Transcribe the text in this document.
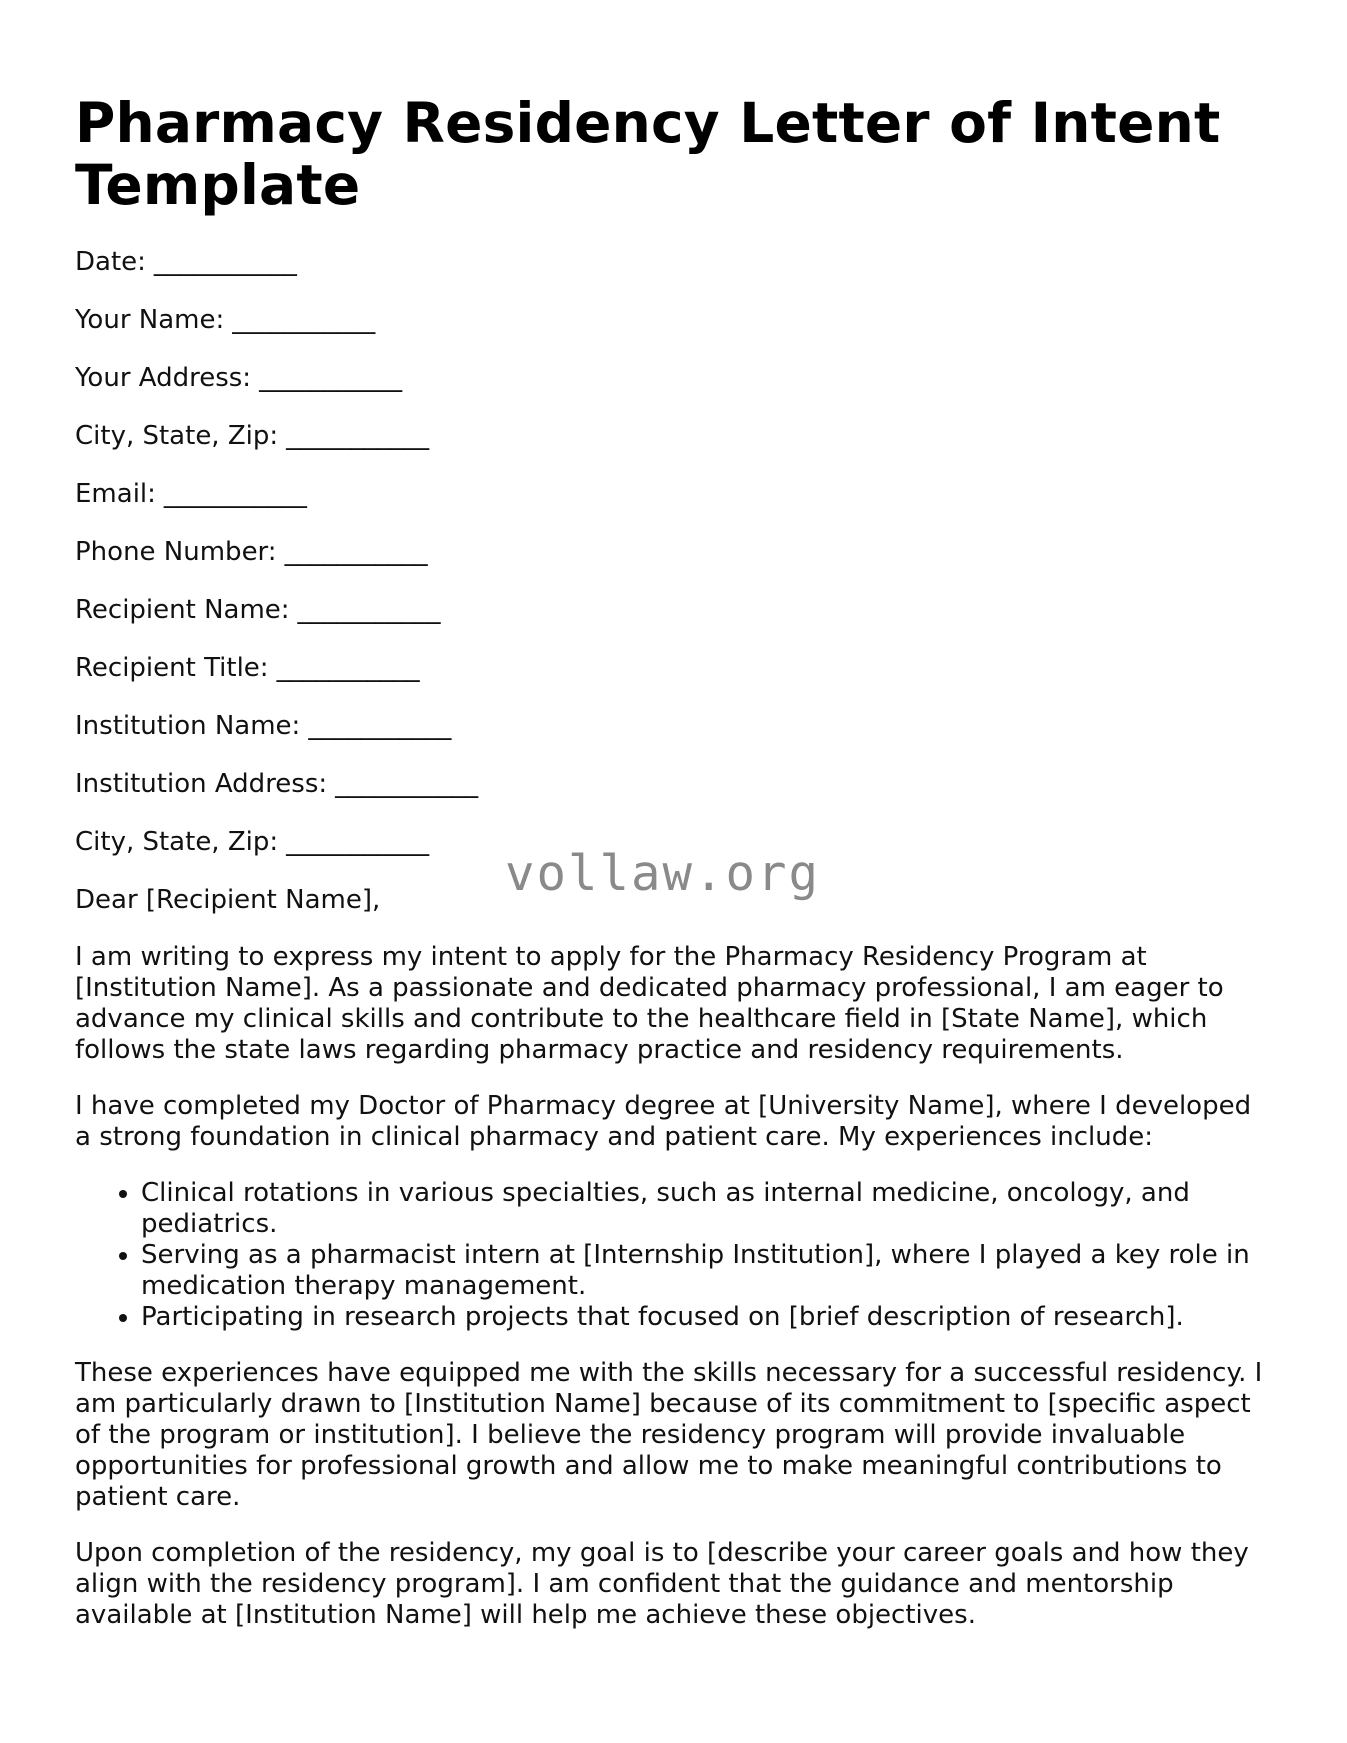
Pharmacy Residency Letter of Intent Template
Date: ___________
Your Name: ___________
Your Address: ___________
City, State, Zip: ___________
Email: ___________
Phone Number: ___________
Recipient Name: ___________
Recipient Title: ___________
Institution Name: ___________
Institution Address: ___________
City, State, Zip: ___________
Dear [Recipient Name],

I am writing to express my intent to apply for the Pharmacy Residency Program at [Institution Name]. As a passionate and dedicated pharmacy professional, I am eager to advance my clinical skills and contribute to the healthcare field in [State Name], which follows the state laws regarding pharmacy practice and residency requirements.

I have completed my Doctor of Pharmacy degree at [University Name], where I developed a strong foundation in clinical pharmacy and patient care. My experiences include:

• Clinical rotations in various specialties, such as internal medicine, oncology, and pediatrics.
• Serving as a pharmacist intern at [Internship Institution], where I played a key role in medication therapy management.
• Participating in research projects that focused on [brief description of research].

These experiences have equipped me with the skills necessary for a successful residency. I am particularly drawn to [Institution Name] because of its commitment to [specific aspect of the program or institution]. I believe the residency program will provide invaluable opportunities for professional growth and allow me to make meaningful contributions to patient care.

Upon completion of the residency, my goal is to [describe your career goals and how they align with the residency program]. I am confident that the guidance and mentorship available at [Institution Name] will help me achieve these objectives.

vollaw.org
